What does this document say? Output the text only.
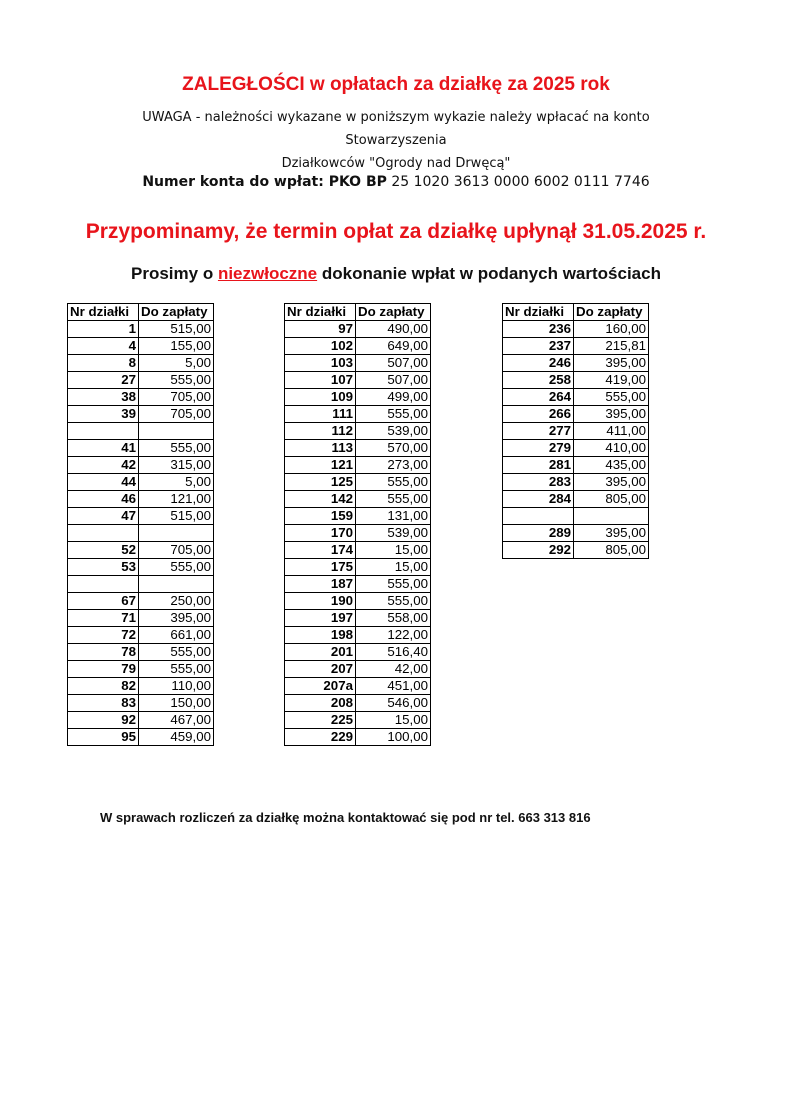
ZALEGŁOŚCI w opłatach za działkę za 2025 rok
UWAGA - należności wykazane w poniższym wykazie należy wpłacać na konto Stowarzyszenia
Działkowców "Ogrody nad Drwęcą"
Numer konta do wpłat: PKO BP 25 1020 3613 0000 6002 0111 7746
Przypominamy, że termin opłat za działkę upłynął 31.05.2025 r.
Prosimy o niezwłoczne dokonanie wpłat w podanych wartościach
Nr działki	Do zapłaty
1	515,00
4	155,00
8	5,00
27	555,00
38	705,00
39	705,00

41	555,00
42	315,00
44	5,00
46	121,00
47	515,00

52	705,00
53	555,00

67	250,00
71	395,00
72	661,00
78	555,00
79	555,00
82	110,00
83	150,00
92	467,00
95	459,00
Nr działki	Do zapłaty
97	490,00
102	649,00
103	507,00
107	507,00
109	499,00
111	555,00
112	539,00
113	570,00
121	273,00
125	555,00
142	555,00
159	131,00
170	539,00
174	15,00
175	15,00
187	555,00
190	555,00
197	558,00
198	122,00
201	516,40
207	42,00
207a	451,00
208	546,00
225	15,00
229	100,00
Nr działki	Do zapłaty
236	160,00
237	215,81
246	395,00
258	419,00
264	555,00
266	395,00
277	411,00
279	410,00
281	435,00
283	395,00
284	805,00

289	395,00
292	805,00
W sprawach rozliczeń za działkę można kontaktować się pod nr tel. 663 313 816
